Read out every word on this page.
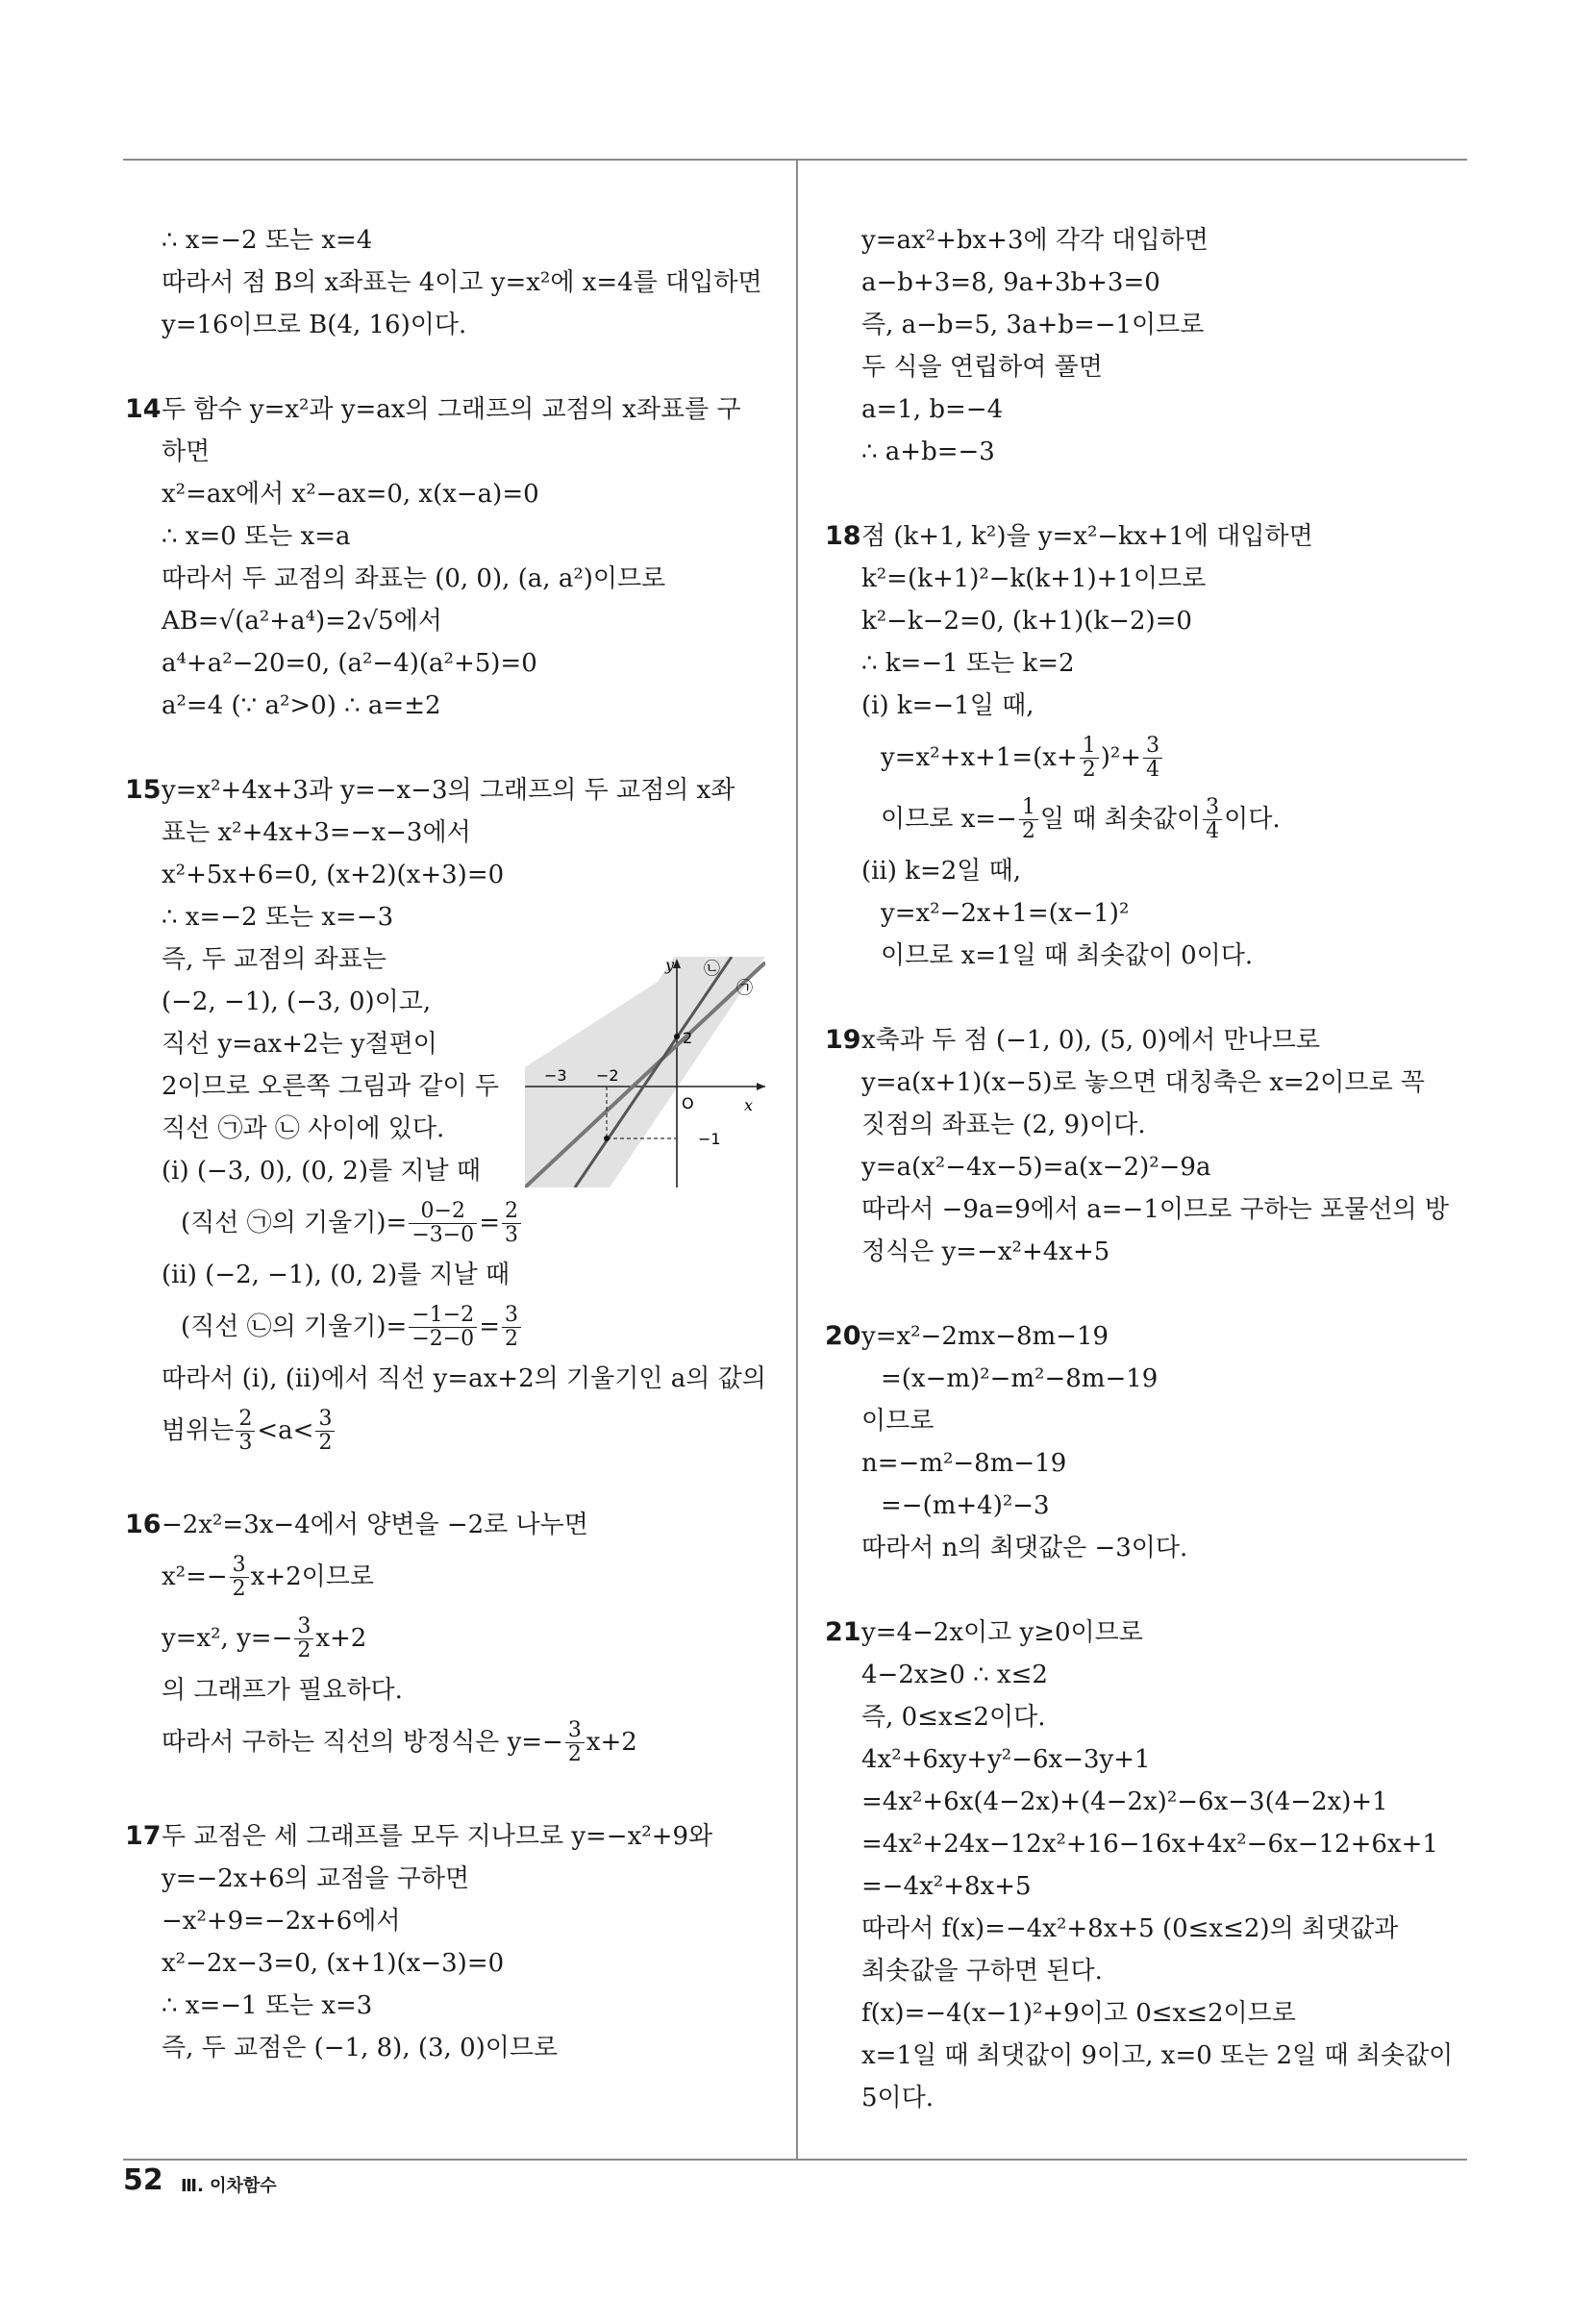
∴ x=−2 또는 x=4
따라서 점 B의 x좌표는 4이고 y=x²에 x=4를 대입하면
y=16이므로 B(4, 16)이다.
14두 함수 y=x²과 y=ax의 그래프의 교점의 x좌표를 구
하면
x²=ax에서 x²−ax=0, x(x−a)=0
∴ x=0 또는 x=a
따라서 두 교점의 좌표는 (0, 0), (a, a²)이므로
AB=√(a²+a⁴)=2√5에서
a⁴+a²−20=0, (a²−4)(a²+5)=0
a²=4 (∵ a²>0) ∴ a=±2
15y=x²+4x+3과 y=−x−3의 그래프의 두 교점의 x좌
표는 x²+4x+3=−x−3에서
x²+5x+6=0, (x+2)(x+3)=0
∴ x=−2 또는 x=−3
즉, 두 교점의 좌표는
(−2, −1), (−3, 0)이고,
직선 y=ax+2는 y절편이
2이므로 오른쪽 그림과 같이 두
직선 ㉠과 ㉡ 사이에 있다.
(ⅰ) (−3, 0), (0, 2)를 지날 때
(직선 ㉠의 기울기)= $\frac{0-2}{-3-0} = \frac{2}{3}$
(ⅱ) (−2, −1), (0, 2)를 지날 때
(직선 ㉡의 기울기)= $\frac{-1-2}{-2-0} = \frac{3}{2}$
따라서 (ⅰ), (ⅱ)에서 직선 y=ax+2의 기울기인 a의 값의
범위는 $\frac{2}{3} <a< \frac{3}{2}$
16−2x²=3x−4에서 양변을 −2로 나누면
$x^2=- \frac{3}{2} x+2$이므로
y=x², $y=- \frac{3}{2} x+2$
의 그래프가 필요하다.
따라서 구하는 직선의 방정식은 $y=- \frac{3}{2} x+2$
17두 교점은 세 그래프를 모두 지나므로 y=−x²+9와
y=−2x+6의 교점을 구하면
−x²+9=−2x+6에서
x²−2x−3=0, (x+1)(x−3)=0
∴ x=−1 또는 x=3
즉, 두 교점은 (−1, 8), (3, 0)이므로
y
x
O
−3 −2
2
−1
㉡
㉠
y=ax²+bx+3에 각각 대입하면
a−b+3=8, 9a+3b+3=0
즉, a−b=5, 3a+b=−1이므로
두 식을 연립하여 풀면
a=1, b=−4
∴ a+b=−3
18점 (k+1, k²)을 y=x²−kx+1에 대입하면
k²=(k+1)²−k(k+1)+1이므로
k²−k−2=0, (k+1)(k−2)=0
∴ k=−1 또는 k=2
(ⅰ) k=−1일 때,
$y=x^2+x+1=(x+ \frac{1}{2} )^2+ \frac{3}{4}$
이므로 $x=- \frac{1}{2}$ 일 때 최솟값이 $\frac{3}{4}$ 이다.
(ⅱ) k=2일 때,
y=x²−2x+1=(x−1)²
이므로 x=1일 때 최솟값이 0이다.
19x축과 두 점 (−1, 0), (5, 0)에서 만나므로
y=a(x+1)(x−5)로 놓으면 대칭축은 x=2이므로 꼭
짓점의 좌표는 (2, 9)이다.
y=a(x²−4x−5)=a(x−2)²−9a
따라서 −9a=9에서 a=−1이므로 구하는 포물선의 방
정식은 y=−x²+4x+5
20y=x²−2mx−8m−19
=(x−m)²−m²−8m−19
이므로
n=−m²−8m−19
=−(m+4)²−3
따라서 n의 최댓값은 −3이다.
21y=4−2x이고 y≥0이므로
4−2x≥0 ∴ x≤2
즉, 0≤x≤2이다.
4x²+6xy+y²−6x−3y+1
=4x²+6x(4−2x)+(4−2x)²−6x−3(4−2x)+1
=4x²+24x−12x²+16−16x+4x²−6x−12+6x+1
=−4x²+8x+5
따라서 f(x)=−4x²+8x+5 (0≤x≤2)의 최댓값과
최솟값을 구하면 된다.
f(x)=−4(x−1)²+9이고 0≤x≤2이므로
x=1일 때 최댓값이 9이고, x=0 또는 2일 때 최솟값이
5이다.
52 Ⅲ. 이차함수
